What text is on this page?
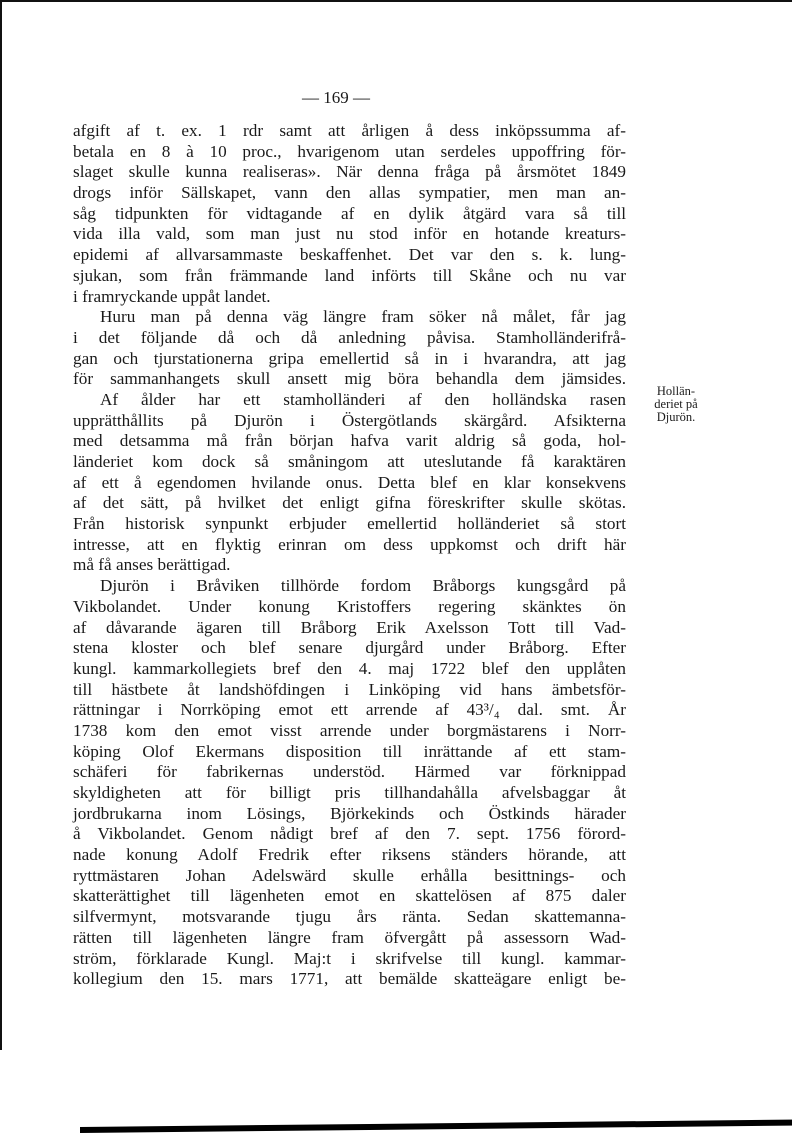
— 169 —
Hollän-
deriet på
Djurön.
afgift af t. ex. 1 rdr samt att årligen å dess inköpssumma af-
betala en 8 à 10 proc., hvarigenom utan serdeles uppoffring för-
slaget skulle kunna realiseras». När denna fråga på årsmötet 1849
drogs inför Sällskapet, vann den allas sympatier, men man an-
såg tidpunkten för vidtagande af en dylik åtgärd vara så till
vida illa vald, som man just nu stod inför en hotande kreaturs-
epidemi af allvarsammaste beskaffenhet. Det var den s. k. lung-
sjukan, som från främmande land införts till Skåne och nu var
i framryckande uppåt landet.
Huru man på denna väg längre fram söker nå målet, får jag
i det följande då och då anledning påvisa. Stamholländerifrå-
gan och tjurstationerna gripa emellertid så in i hvarandra, att jag
för sammanhangets skull ansett mig böra behandla dem jämsides.
Af ålder har ett stamholländeri af den holländska rasen
upprätthållits på Djurön i Östergötlands skärgård. Afsikterna
med detsamma må från början hafva varit aldrig så goda, hol-
länderiet kom dock så småningom att uteslutande få karaktären
af ett å egendomen hvilande onus. Detta blef en klar konsekvens
af det sätt, på hvilket det enligt gifna föreskrifter skulle skötas.
Från historisk synpunkt erbjuder emellertid holländeriet så stort
intresse, att en flyktig erinran om dess uppkomst och drift här
må få anses berättigad.
Djurön i Bråviken tillhörde fordom Bråborgs kungsgård på
Vikbolandet. Under konung Kristoffers regering skänktes ön
af dåvarande ägaren till Bråborg Erik Axelsson Tott till Vad-
stena kloster och blef senare djurgård under Bråborg. Efter
kungl. kammarkollegiets bref den 4. maj 1722 blef den upplåten
till hästbete åt landshöfdingen i Linköping vid hans ämbetsför-
rättningar i Norrköping emot ett arrende af 43³/₄ dal. smt. År
1738 kom den emot visst arrende under borgmästarens i Norr-
köping Olof Ekermans disposition till inrättande af ett stam-
schäferi för fabrikernas understöd. Härmed var förknippad
skyldigheten att för billigt pris tillhandahålla afvelsbaggar åt
jordbrukarna inom Lösings, Björkekinds och Östkinds härader
å Vikbolandet. Genom nådigt bref af den 7. sept. 1756 förord-
nade konung Adolf Fredrik efter riksens ständers hörande, att
ryttmästaren Johan Adelswärd skulle erhålla besittnings- och
skatterättighet till lägenheten emot en skattelösen af 875 daler
silfvermynt, motsvarande tjugu års ränta. Sedan skattemanna-
rätten till lägenheten längre fram öfvergått på assessorn Wad-
ström, förklarade Kungl. Maj:t i skrifvelse till kungl. kammar-
kollegium den 15. mars 1771, att bemälde skatteägare enligt be-
